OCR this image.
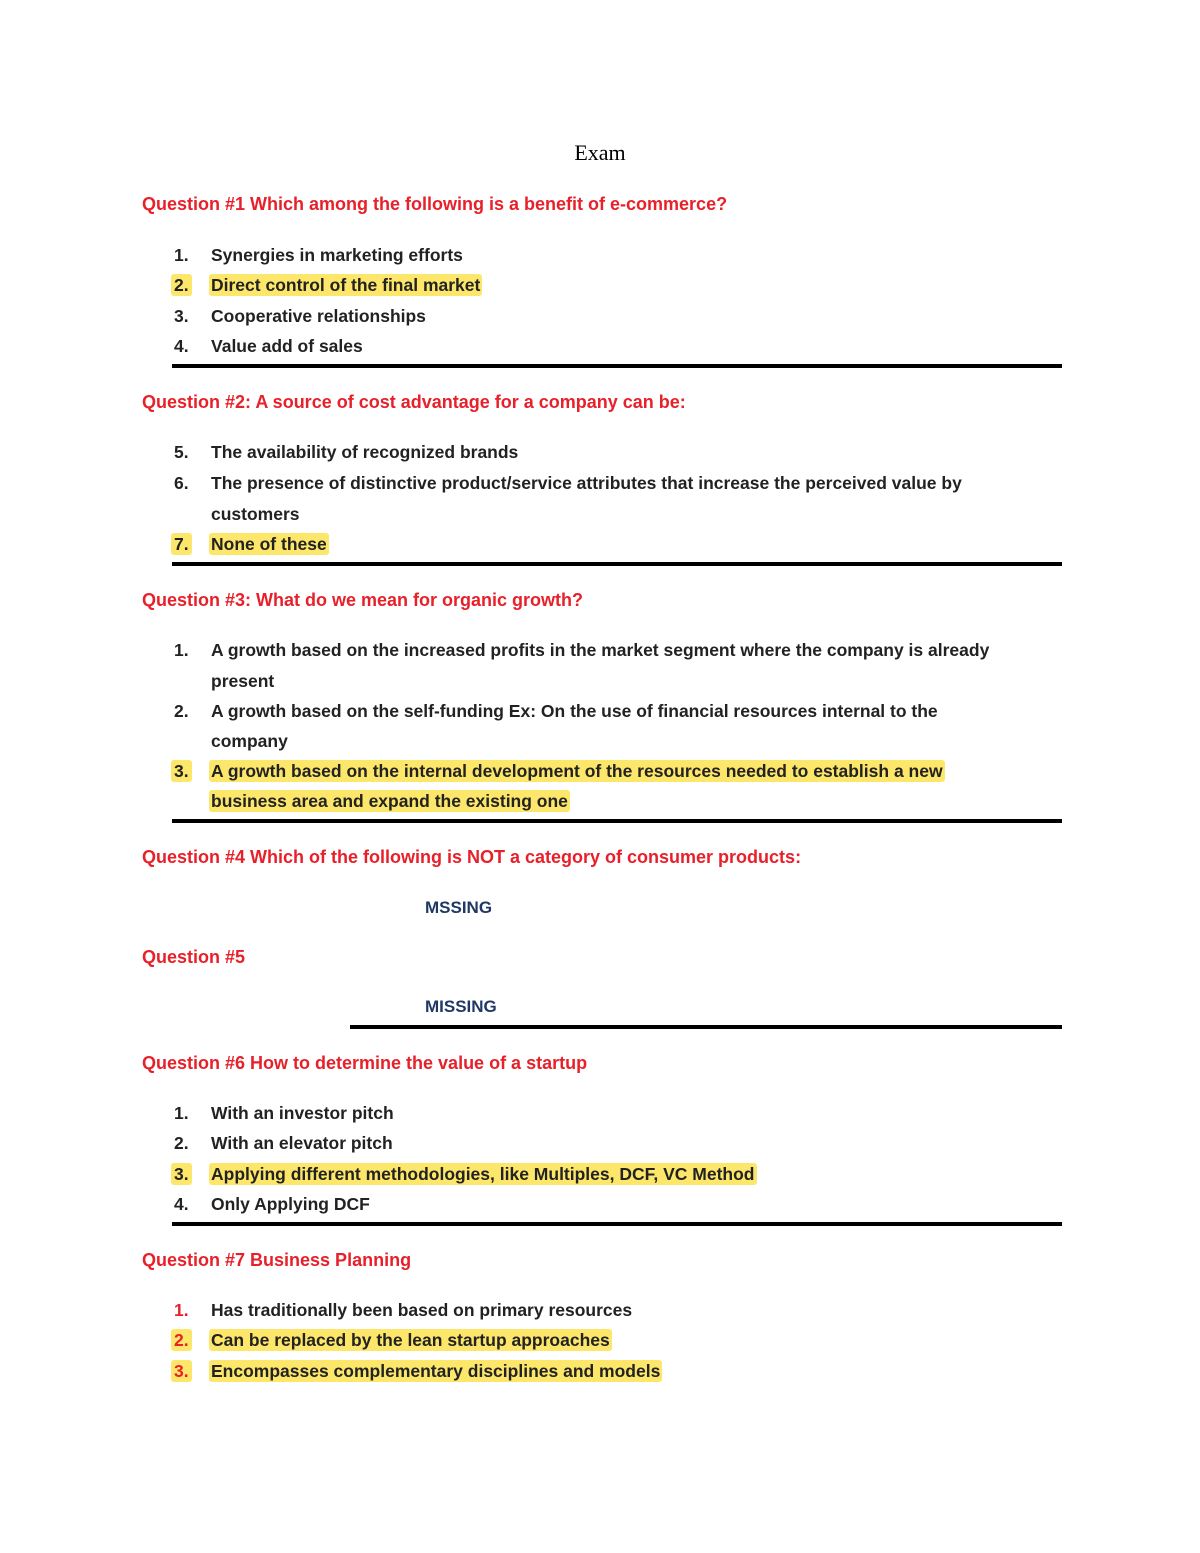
Exam
Question #1 Which among the following is a benefit of e-commerce?
1. Synergies in marketing efforts
2. Direct control of the final market
3. Cooperative relationships
4. Value add of sales
Question #2: A source of cost advantage for a company can be:
5. The availability of recognized brands
6. The presence of distinctive product/service attributes that increase the perceived value by
customers
7. None of these
Question #3: What do we mean for organic growth?
1. A growth based on the increased profits in the market segment where the company is already
present
2. A growth based on the self-funding Ex: On the use of financial resources internal to the
company
3. A growth based on the internal development of the resources needed to establish a new
business area and expand the existing one
Question #4 Which of the following is NOT a category of consumer products:
MSSING
Question #5
MISSING
Question #6 How to determine the value of a startup
1. With an investor pitch
2. With an elevator pitch
3. Applying different methodologies, like Multiples, DCF, VC Method
4. Only Applying DCF
Question #7 Business Planning
1. Has traditionally been based on primary resources
2. Can be replaced by the lean startup approaches
3. Encompasses complementary disciplines and models
